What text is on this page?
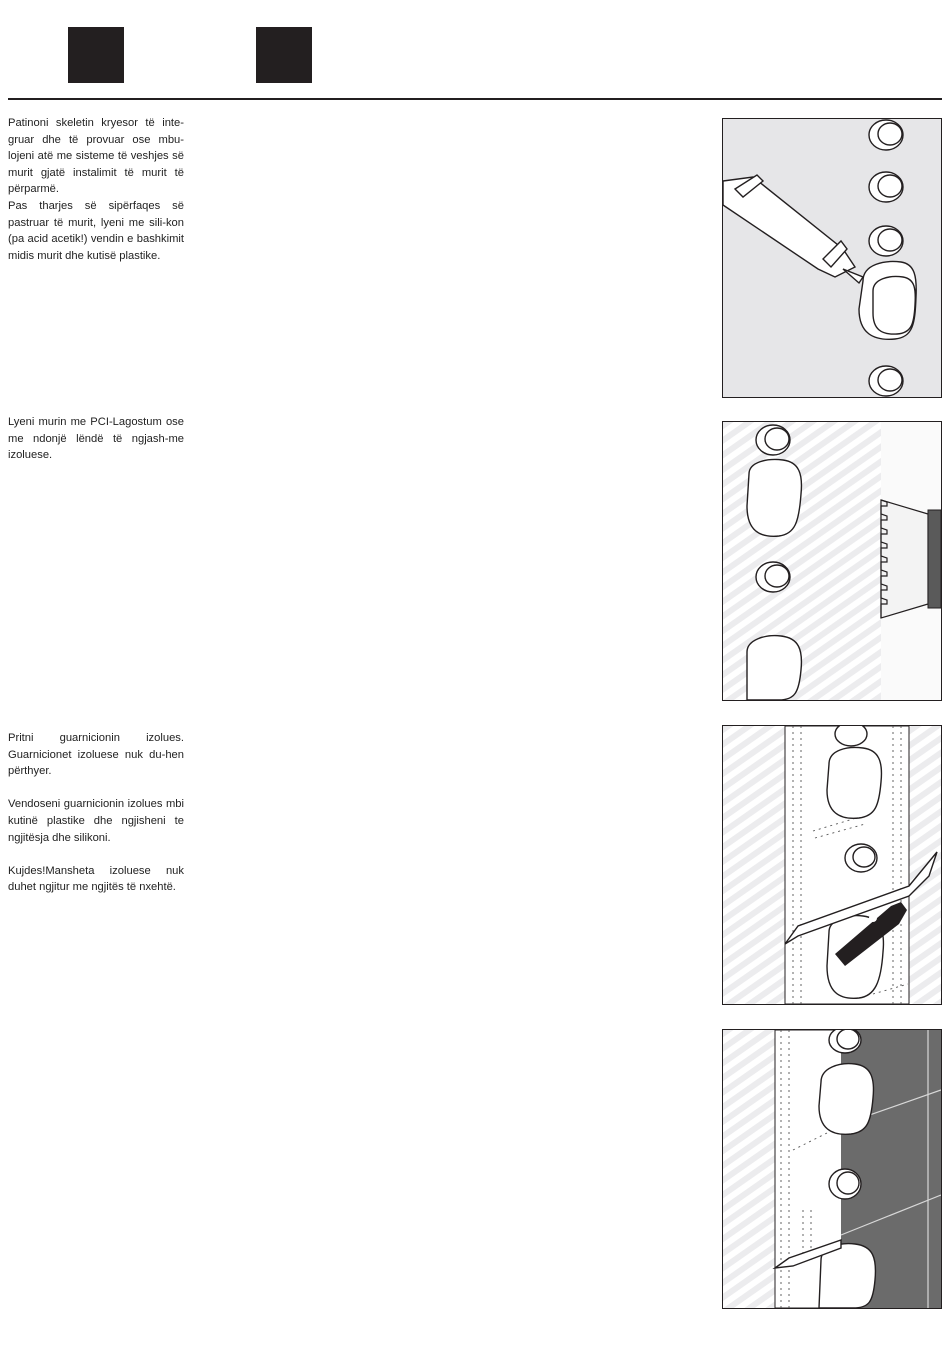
Patinoni skeletin kryesor të inte-gruar dhe të provuar ose mbu-lojeni atë me sisteme të veshjes së murit gjatë instalimit të murit të përparmë.

Pas tharjes së sipërfaqes së pastruar të murit, lyeni me sili-kon (pa acid acetik!) vendin e bashkimit midis murit dhe kutisë plastike.

Lyeni murin me PCI-Lagostum ose me ndonjë lëndë të ngjash-me izoluese.

Pritni guarnicionin izolues. Guarnicionet izoluese nuk du-hen përthyer.

Vendoseni guarnicionin izolues mbi kutinë plastike dhe ngjisheni te ngjitësja dhe silikoni.

Kujdes!Mansheta izoluese nuk duhet ngjitur me ngjitës të nxehtë.
